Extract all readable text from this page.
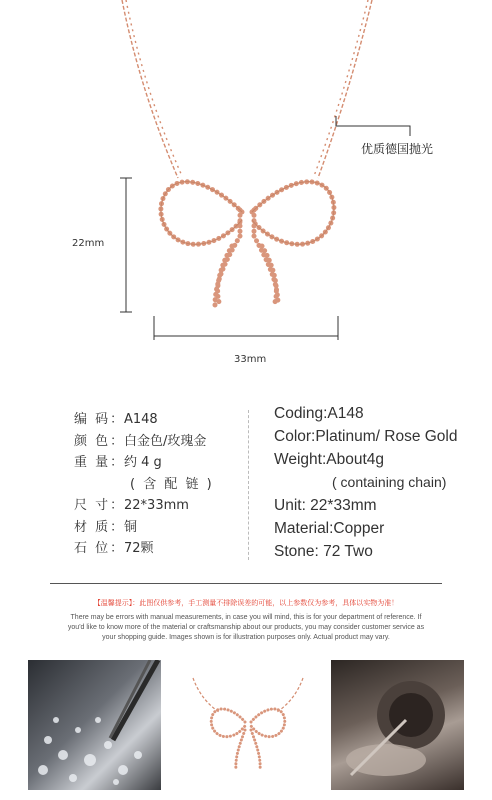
优质德国抛光
22mm
33mm
编 码：A148
颜 色：白金色/玫瑰金
重 量：约 4 g
( 含 配 链 )
尺 寸：22*33mm
材 质：铜
石 位：72颗
Coding:A148
Color:Platinum/ Rose Gold
Weight:About4g
( containing chain)
Unit: 22*33mm
Material:Copper
Stone: 72 Two
【温馨提示】：此图仅供参考，手工测量不排除误差的可能，以上参数仅为参考，具体以实物为准！
There may be errors with manual measurements, in case you will mind, this is for your department of reference. If you'd like to know more of the material or craftsmanship about our products, you may consider customer service as your shopping guide. Images shown is for illustration purposes only. Actual product may vary.
